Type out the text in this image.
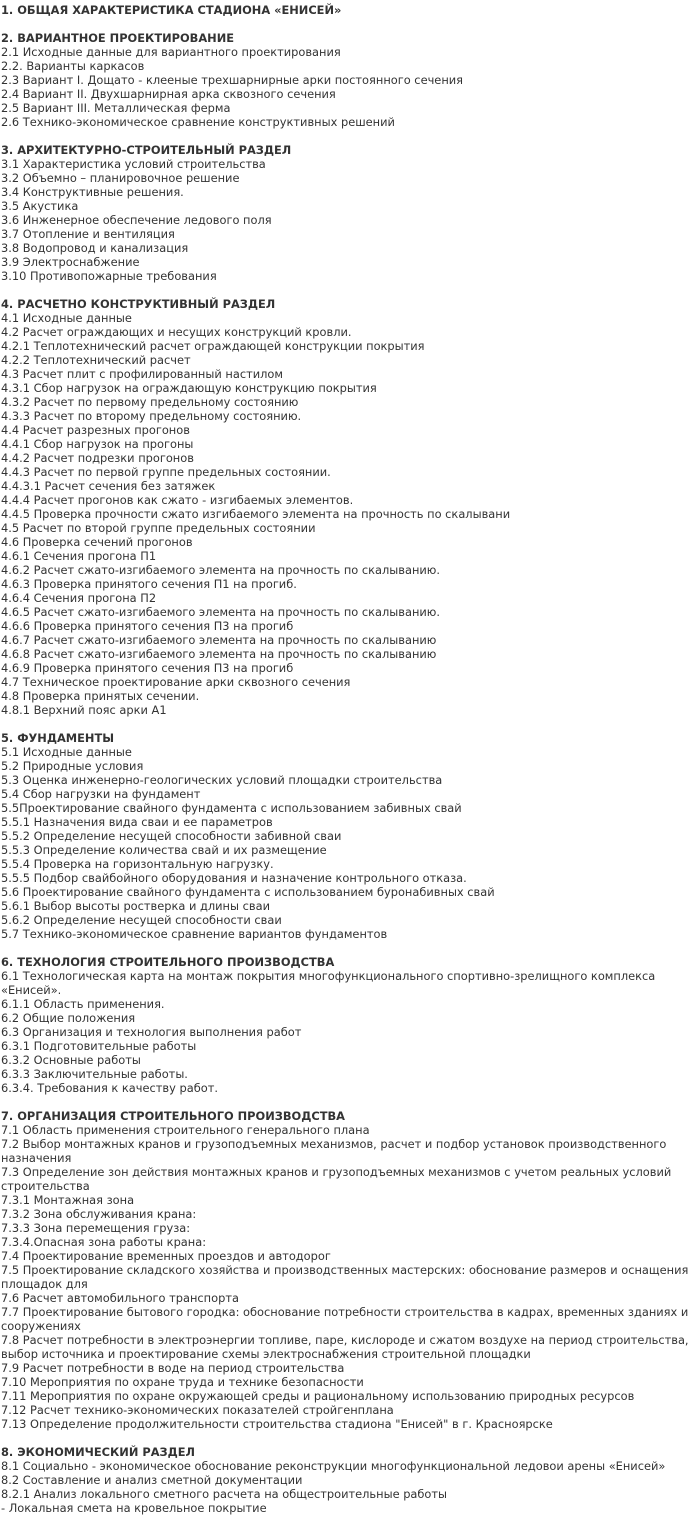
1. ОБЩАЯ ХАРАКТЕРИСТИКА СТАДИОНА «ЕНИСЕЙ»
2. ВАРИАНТНОЕ ПРОЕКТИРОВАНИЕ
2.1 Исходные данные для вариантного проектирования
2.2. Варианты каркасов
2.3 Вариант I. Дощато - клееные трехшарнирные арки постоянного сечения
2.4 Вариант II. Двухшарнирная арка сквозного сечения
2.5 Вариант III. Металлическая ферма
2.6 Технико-экономическое сравнение конструктивных решений
3. АРХИТЕКТУРНО-СТРОИТЕЛЬНЫЙ РАЗДЕЛ
3.1 Характеристика условий строительства
3.2 Объемно – планировочное решение
3.4 Конструктивные решения.
3.5 Акустика
3.6 Инженерное обеспечение ледового поля
3.7 Отопление и вентиляция
3.8 Водопровод и канализация
3.9 Электроснабжение
3.10 Противопожарные требования
4. РАСЧЕТНО КОНСТРУКТИВНЫЙ РАЗДЕЛ
4.1 Исходные данные
4.2 Расчет ограждающих и несущих конструкций кровли.
4.2.1 Теплотехнический расчет ограждающей конструкции покрытия
4.2.2 Теплотехнический расчет
4.3 Расчет плит с профилированный настилом
4.3.1 Сбор нагрузок на ограждающую конструкцию покрытия
4.3.2 Расчет по первому предельному состоянию
4.3.3 Расчет по второму предельному состоянию.
4.4 Расчет разрезных прогонов
4.4.1 Сбор нагрузок на прогоны
4.4.2 Расчет подрезки прогонов
4.4.3 Расчет по первой группе предельных состоянии.
4.4.3.1 Расчет сечения без затяжек
4.4.4 Расчет прогонов как сжато - изгибаемых элементов.
4.4.5 Проверка прочности сжато изгибаемого элемента на прочность по скалывани
4.5 Расчет по второй группе предельных состоянии
4.6 Проверка сечений прогонов
4.6.1 Сечения прогона П1
4.6.2 Расчет сжато-изгибаемого элемента на прочность по скалыванию.
4.6.3 Проверка принятого сечения П1 на прогиб.
4.6.4 Сечения прогона П2
4.6.5 Расчет сжато-изгибаемого элемента на прочность по скалыванию.
4.6.6 Проверка принятого сечения П3 на прогиб
4.6.7 Расчет сжато-изгибаемого элемента на прочность по скалыванию
4.6.8 Расчет сжато-изгибаемого элемента на прочность по скалыванию
4.6.9 Проверка принятого сечения П3 на прогиб
4.7 Техническое проектирование арки сквозного сечения
4.8 Проверка принятых сечении.
4.8.1 Верхний пояс арки А1
5. ФУНДАМЕНТЫ
5.1 Исходные данные
5.2 Природные условия
5.3 Оценка инженерно-геологических условий площадки строительства
5.4 Сбор нагрузки на фундамент
5.5Проектирование свайного фундамента с использованием забивных свай
5.5.1 Назначения вида сваи и ее параметров
5.5.2 Определение несущей способности забивной сваи
5.5.3 Определение количества свай и их размещение
5.5.4 Проверка на горизонтальную нагрузку.
5.5.5 Подбор свайбойного оборудования и назначение контрольного отказа.
5.6 Проектирование свайного фундамента с использованием буронабивных свай
5.6.1 Выбор высоты ростверка и длины сваи
5.6.2 Определение несущей способности сваи
5.7 Технико-экономическое сравнение вариантов фундаментов
6. ТЕХНОЛОГИЯ СТРОИТЕЛЬНОГО ПРОИЗВОДСТВА
6.1 Технологическая карта на монтаж покрытия многофункционального спортивно-зрелищного комплекса «Енисей».
6.1.1 Область применения.
6.2 Общие положения
6.3 Организация и технология выполнения работ
6.3.1 Подготовительные работы
6.3.2 Основные работы
6.3.3 Заключительные работы.
6.3.4. Требования к качеству работ.
7. ОРГАНИЗАЦИЯ СТРОИТЕЛЬНОГО ПРОИЗВОДСТВА
7.1 Область применения строительного генерального плана
7.2 Выбор монтажных кранов и грузоподъемных механизмов, расчет и подбор установок производственного назначения
7.3 Определение зон действия монтажных кранов и грузоподъемных механизмов с учетом реальных условий строительства
7.3.1 Монтажная зона
7.3.2 Зона обслуживания крана:
7.3.3 Зона перемещения груза:
7.3.4.Опасная зона работы крана:
7.4 Проектирование временных проездов и автодорог
7.5 Проектирование складского хозяйства и производственных мастерских: обоснование размеров и оснащения площадок для
7.6 Расчет автомобильного транспорта
7.7 Проектирование бытового городка: обоснование потребности строительства в кадрах, временных зданиях и сооружениях
7.8 Расчет потребности в электроэнергии топливе, паре, кислороде и сжатом воздухе на период строительства, выбор источника и проектирование схемы электроснабжения строительной площадки
7.9 Расчет потребности в воде на период строительства
7.10 Мероприятия по охране труда и технике безопасности
7.11 Мероприятия по охране окружающей среды и рациональному использованию природных ресурсов
7.12 Расчет технико-экономических показателей стройгенплана
7.13 Определение продолжительности строительства стадиона "Енисей" в г. Красноярске
8. ЭКОНОМИЧЕСКИЙ РАЗДЕЛ
8.1 Социально - экономическое обоснование реконструкции многофункциональной ледовои арены «Енисей»
8.2 Составление и анализ сметной документации
8.2.1 Анализ локального сметного расчета на общестроительные работы
- Локальная смета на кровельное покрытие
